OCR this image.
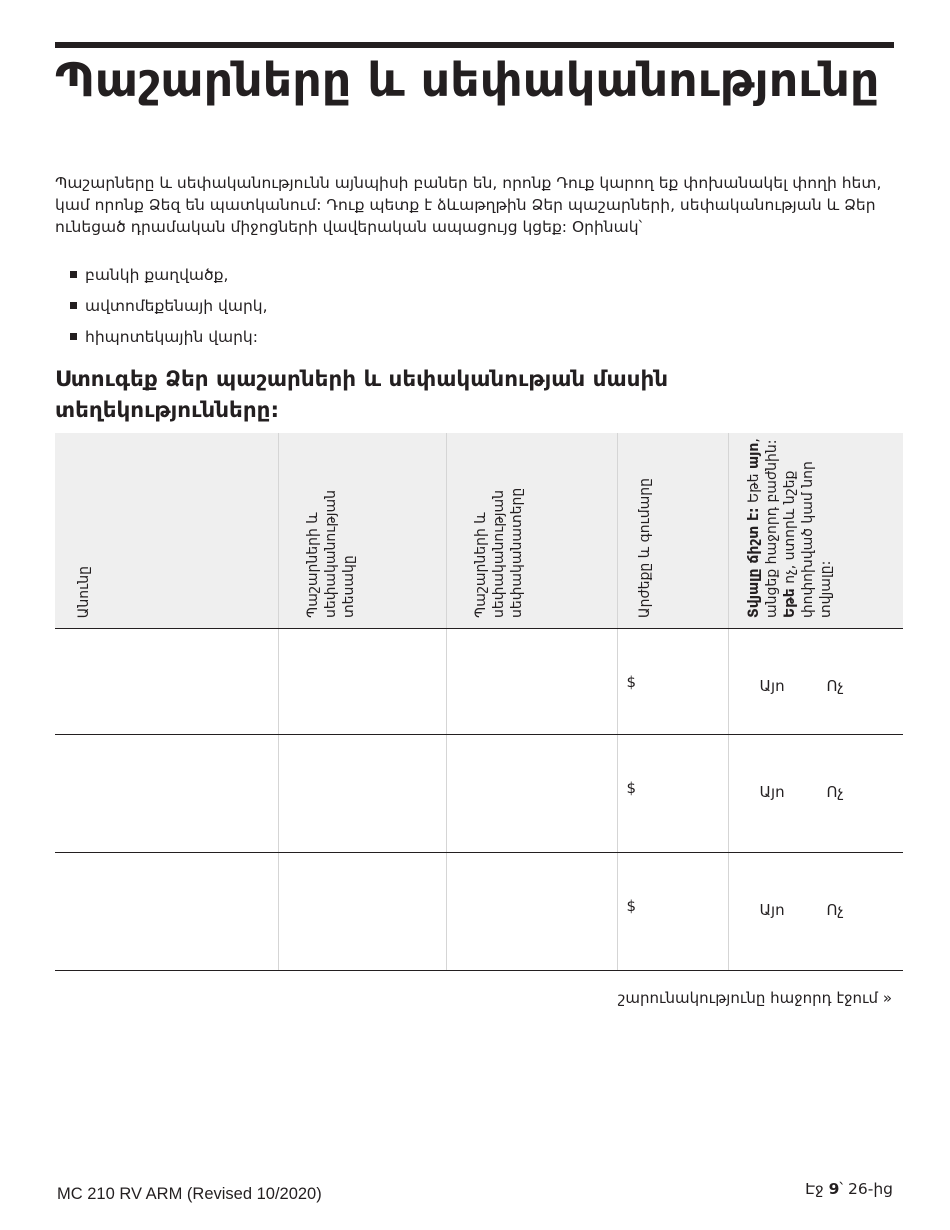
Պաշարները և սեփականությունը

Պաշարները և սեփականությունն այնպիսի բաներ են, որոնք Դուք կարող եք փոխանակել փողի հետ, կամ որոնք Ձեզ են պատկանում: Դուք պետք է ձևաթղթին Ձեր պաշարների, սեփականության և Ձեր ունեցած դրամական միջոցների վավերական ապացույց կցեք: Օրինակ՝

բանկի քաղվածք,
ավտոմեքենայի վարկ,
հիպոտեկային վարկ:
Ստուգեք Ձեր պաշարների և սեփականության մասին տեղեկությունները:
Անունը	Պաշարների և սեփականության տեսակը	Պաշարների և սեփականության սեփականատերը	Արժեքը և գումարը	Տվյալը ճիշտ է: Եթե այո, անցեք հաջորդ բաժնին: Եթե ոչ, ստորև նշեք փոփոխված կամ նոր տվյալը:

			$	Այո Ոչ

			$	Այո Ոչ

			$	Այո Ոչ
շարունակությունը հաջորդ էջում »
MC 210 RV ARM (Revised 10/2020)	Էջ 9՝ 26-ից
